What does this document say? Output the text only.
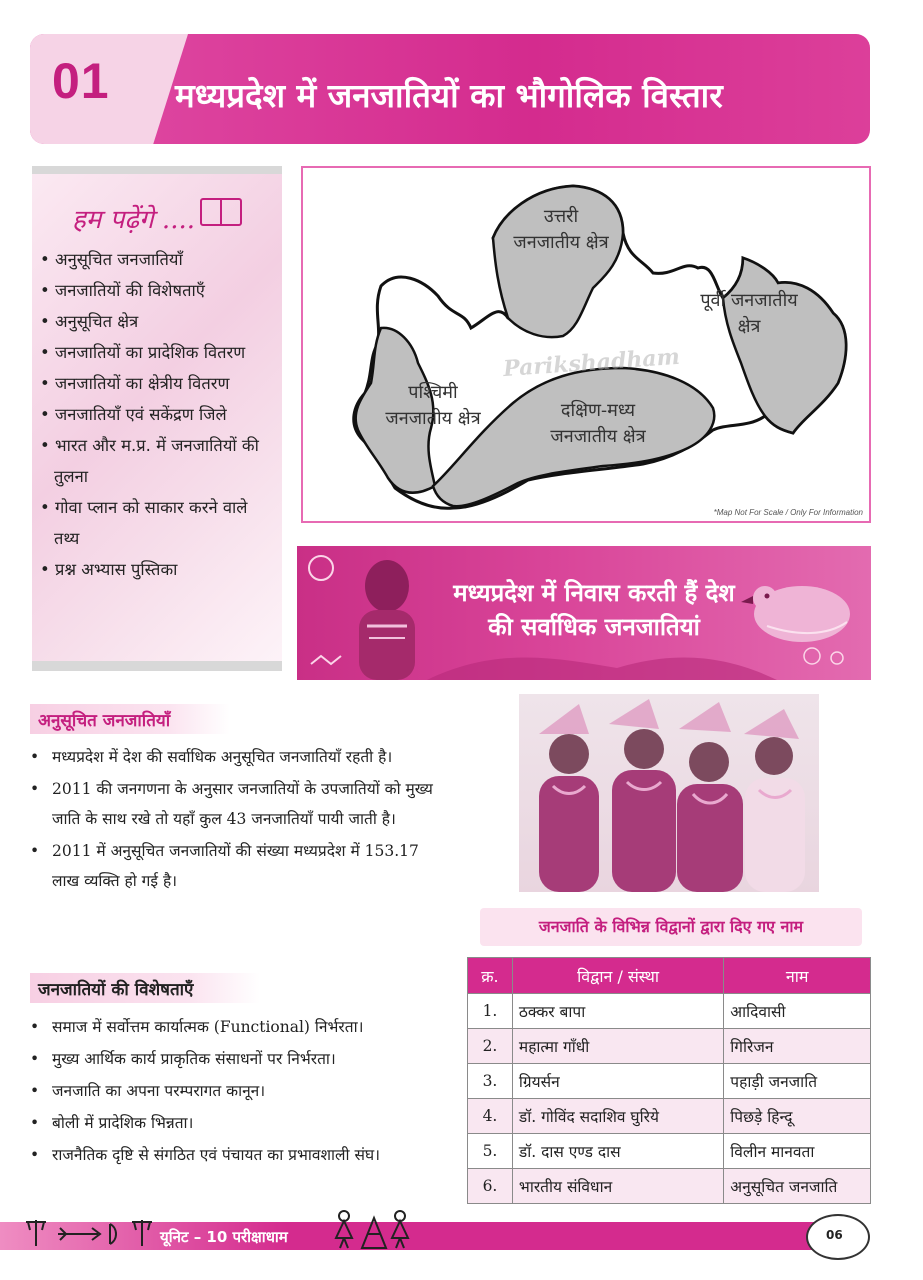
01 मध्यप्रदेश में जनजातियों का भौगोलिक विस्तार
हम पढ़ेंगे ....
• अनुसूचित जनजातियाँ
• जनजातियों की विशेषताएँ
• अनुसूचित क्षेत्र
• जनजातियों का प्रादेशिक वितरण
• जनजातियों का क्षेत्रीय वितरण
• जनजातियाँ एवं सकेंद्रण जिले
• भारत और म.प्र. में जनजातियों की तुलना
• गोवा प्लान को साकार करने वाले तथ्य
• प्रश्न अभ्यास पुस्तिका
Parikshadham
उत्तरी जनजातीय क्षेत्र
पूर्वी जनजातीय क्षेत्र
पश्चिमी जनजातीय क्षेत्र	दक्षिण-मध्य जनजातीय क्षेत्र
*Map Not For Scale / Only For Information
मध्यप्रदेश में निवास करती हैं देश की सर्वाधिक जनजातियां
अनुसूचित जनजातियाँ
• मध्यप्रदेश में देश की सर्वाधिक अनुसूचित जनजातियाँ रहती है।
• 2011 की जनगणना के अनुसार जनजातियों के उपजातियों को मुख्य जाति के साथ रखे तो यहाँ कुल 43 जनजातियाँ पायी जाती है।
• 2011 में अनुसूचित जनजातियों की संख्या मध्यप्रदेश में 153.17 लाख व्यक्ति हो गई है।
जनजातियों की विशेषताएँ
• समाज में सर्वोत्तम कार्यात्मक (Functional) निर्भरता।
• मुख्य आर्थिक कार्य प्राकृतिक संसाधनों पर निर्भरता।
• जनजाति का अपना परम्परागत कानून।
• बोली में प्रादेशिक भिन्नता।
• राजनैतिक दृष्टि से संगठित एवं पंचायत का प्रभावशाली संघ।
जनजाति के विभिन्न विद्वानों द्वारा दिए गए नाम
क्र.	विद्वान / संस्था	नाम
1.	ठक्कर बापा	आदिवासी
2.	महात्मा गाँधी	गिरिजन
3.	ग्रियर्सन	पहाड़ी जनजाति
4.	डॉ. गोविंद सदाशिव घुरिये	पिछड़े हिन्दू
5.	डॉ. दास एण्ड दास	विलीन मानवता
6.	भारतीय संविधान	अनुसूचित जनजाति
यूनिट – 10 परीक्षाधाम	06
